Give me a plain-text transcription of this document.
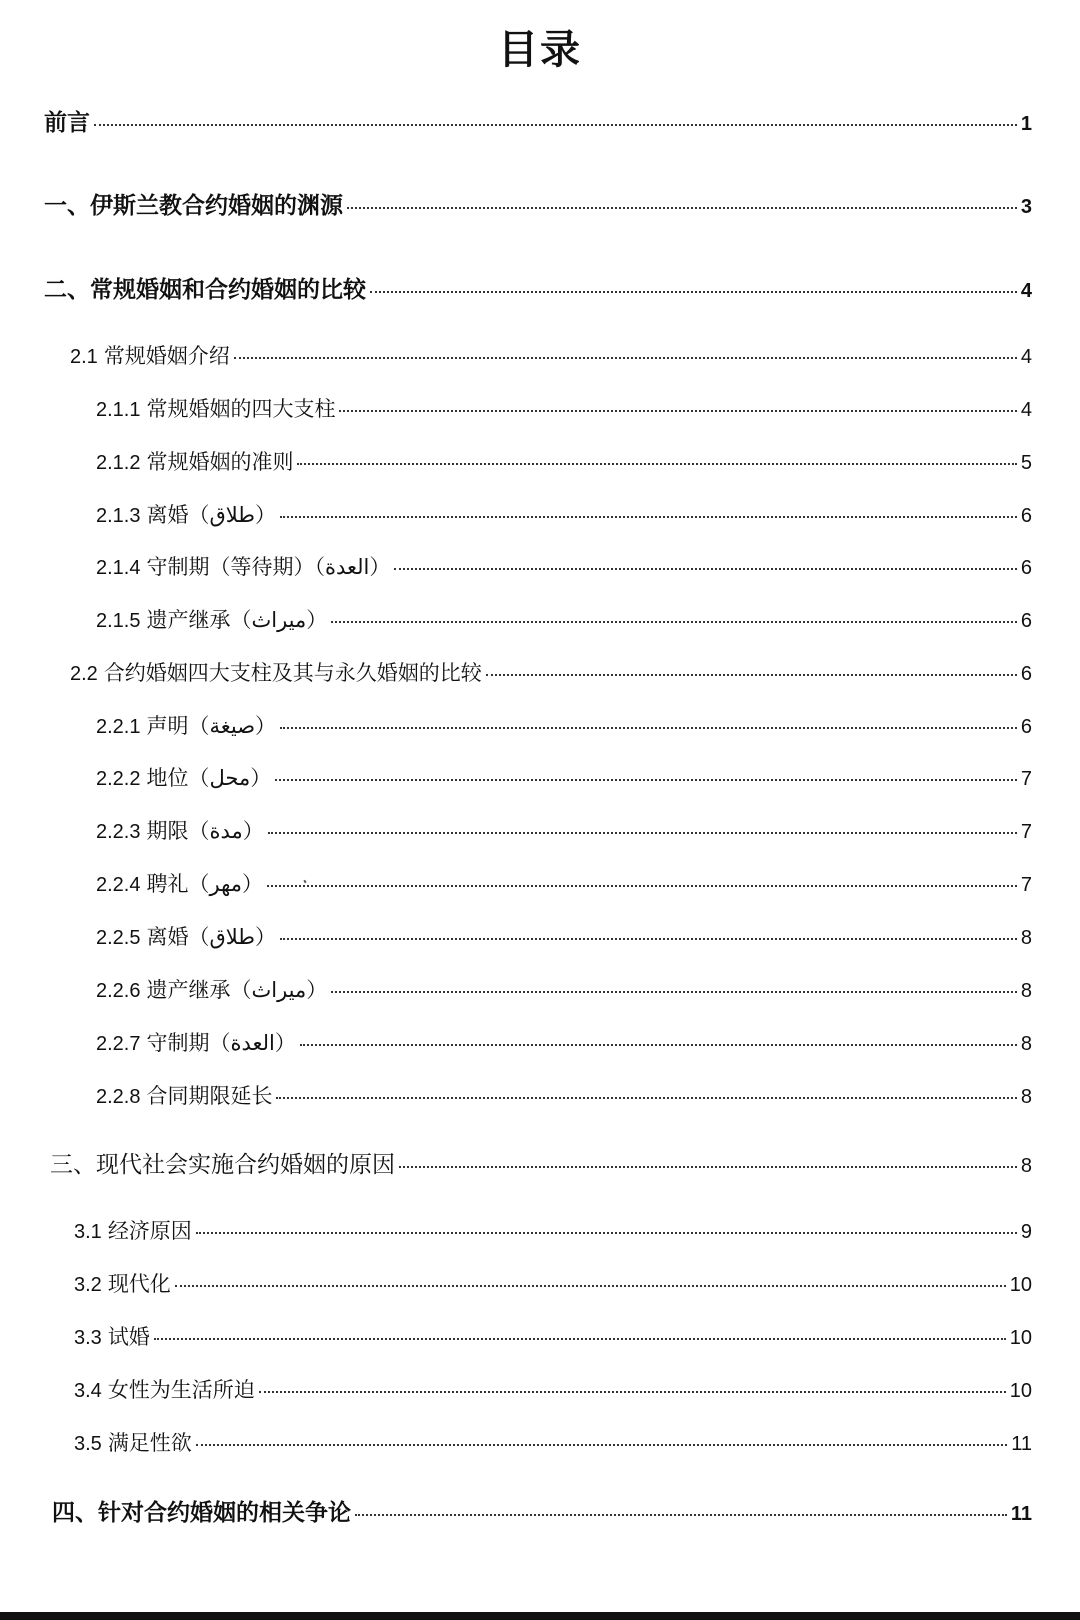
目录
前言	1
一、伊斯兰教合约婚姻的渊源	3
二、常规婚姻和合约婚姻的比较	4
2.1 常规婚姻介绍	4
2.1.1 常规婚姻的四大支柱	4
2.1.2 常规婚姻的准则	5
2.1.3 离婚（طلاق）	6
2.1.4 守制期（等待期）（العدة）	6
2.1.5 遗产继承（ميراث）	6
2.2 合约婚姻四大支柱及其与永久婚姻的比较	6
2.2.1 声明（صيغة）	6
2.2.2 地位（محل）	7
2.2.3 期限（مدة）	7
2.2.4 聘礼（مهر）	7
2.2.5 离婚（طلاق）	8
2.2.6 遗产继承（ميراث）	8
2.2.7 守制期（العدة）	8
2.2.8 合同期限延长	8
三、现代社会实施合约婚姻的原因	8
3.1 经济原因	9
3.2 现代化	10
3.3 试婚	10
3.4 女性为生活所迫	10
3.5 满足性欲	11
四、针对合约婚姻的相关争论	11
